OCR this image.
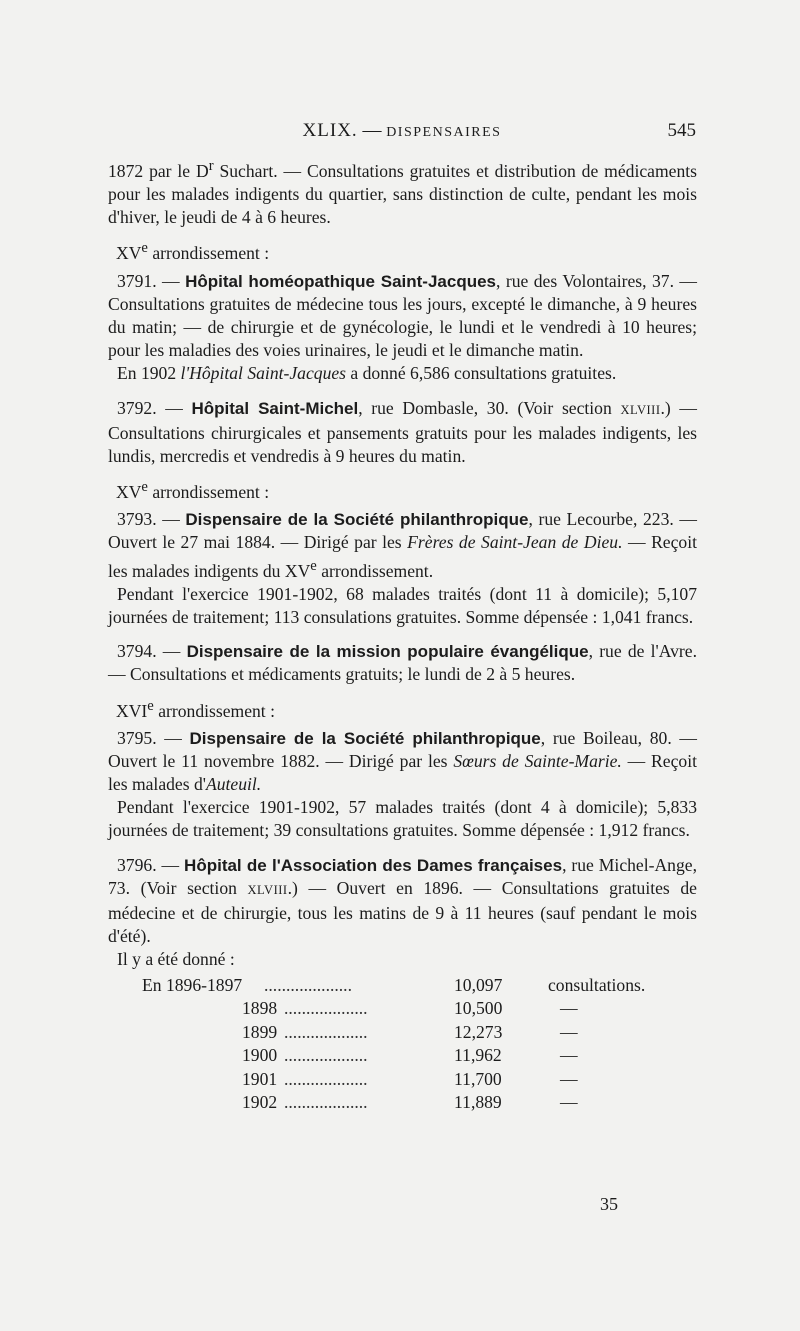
XLIX. — DISPENSAIRES	545

1872 par le $D^r$ Suchart. — Consultations gratuites et distribution de médicaments pour les malades indigents du quartier, sans distinction de culte, pendant les mois d'hiver, le jeudi de 4 à 6 heures.

XVe arrondissement :

3791. — Hôpital homéopathique Saint-Jacques, rue des Volontaires, 37. — Consultations gratuites de médecine tous les jours, excepté le dimanche, à 9 heures du matin; — de chirurgie et de gynécologie, le lundi et le vendredi à 10 heures; pour les maladies des voies urinaires, le jeudi et le dimanche matin.

En 1902 l'Hôpital Saint-Jacques a donné 6,586 consultations gratuites.

3792. — Hôpital Saint-Michel, rue Dombasle, 30. (Voir section XLVIII.) — Consultations chirurgicales et pansements gratuits pour les malades indigents, les lundis, mercredis et vendredis à 9 heures du matin.

XVe arrondissement :

3793. — Dispensaire de la Société philanthropique, rue Lecourbe, 223. — Ouvert le 27 mai 1884. — Dirigé par les Frères de Saint-Jean de Dieu. — Reçoit les malades indigents du XVe arrondissement.

Pendant l'exercice 1901-1902, 68 malades traités (dont 11 à domicile); 5,107 journées de traitement; 113 consulations gratuites. Somme dépensée : 1,041 francs.

3794. — Dispensaire de la mission populaire évangélique, rue de l'Avre. — Consultations et médicaments gratuits; le lundi de 2 à 5 heures.

XVIe arrondissement :

3795. — Dispensaire de la Société philanthropique, rue Boileau, 80. — Ouvert le 11 novembre 1882. — Dirigé par les Sœurs de Sainte-Marie. — Reçoit les malades d'Auteuil.

Pendant l'exercice 1901-1902, 57 malades traités (dont 4 à domicile); 5,833 journées de traitement; 39 consultations gratuites. Somme dépensée : 1,912 francs.

3796. — Hôpital de l'Association des Dames françaises, rue Michel-Ange, 73. (Voir section XLVIII.) — Ouvert en 1896. — Consultations gratuites de médecine et de chirurgie, tous les matins de 9 à 11 heures (sauf pendant le mois d'été).

Il y a été donné :

....................
En 1896-1897	10,097	consultations.
...................
1898	10,500	—
...................
1899	12,273	—
...................
1900	11,962	—
...................
1901	11,700	—
...................
1902	11,889	—
35
